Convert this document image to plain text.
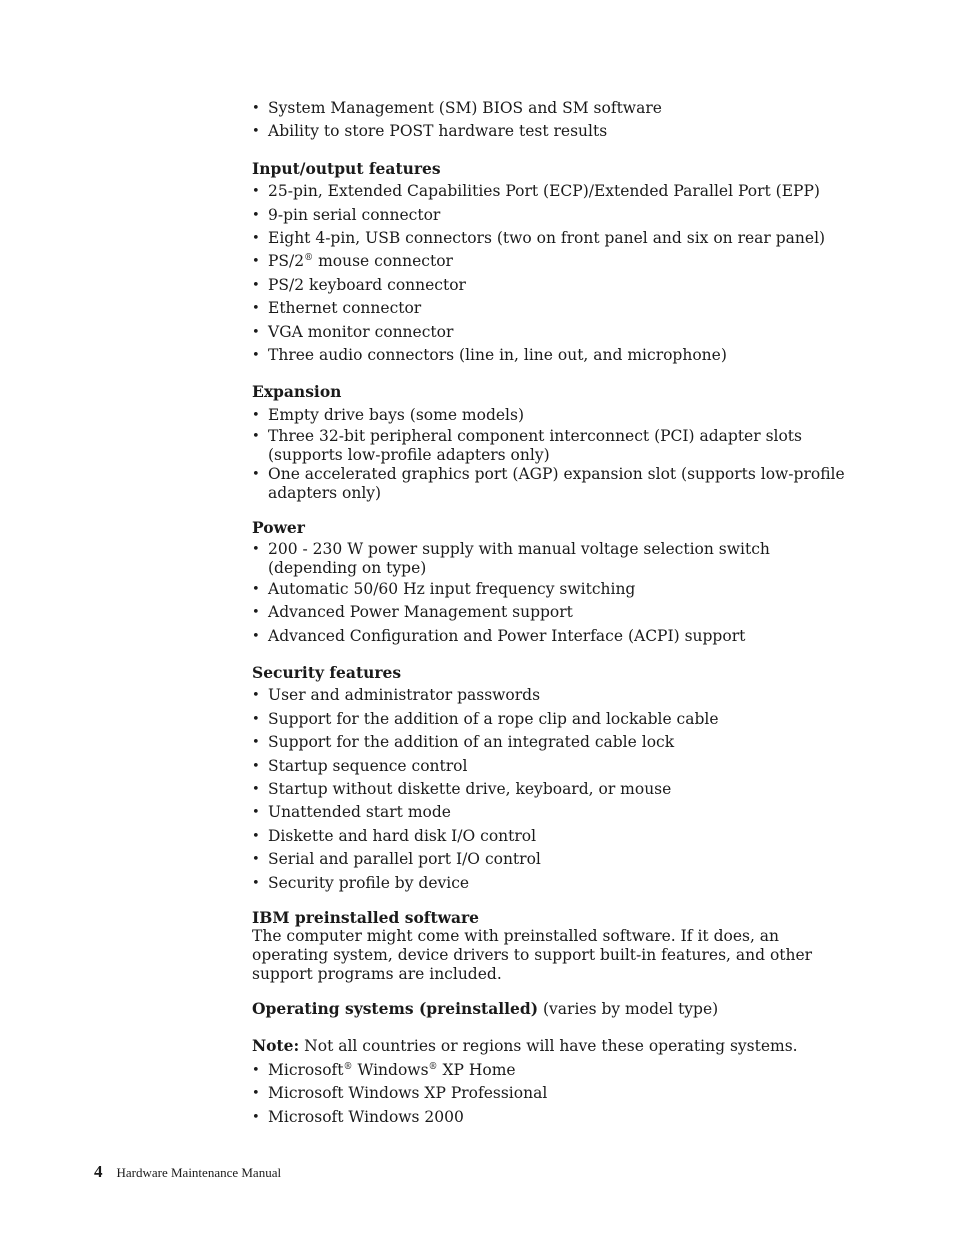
• System Management (SM) BIOS and SM software
• Ability to store POST hardware test results
Input/output features
• 25-pin, Extended Capabilities Port (ECP)/Extended Parallel Port (EPP)
• 9-pin serial connector
• Eight 4-pin, USB connectors (two on front panel and six on rear panel)
• PS/2® mouse connector
• PS/2 keyboard connector
• Ethernet connector
• VGA monitor connector
• Three audio connectors (line in, line out, and microphone)
Expansion
• Empty drive bays (some models)
• Three 32-bit peripheral component interconnect (PCI) adapter slots (supports low-profile adapters only)
• One accelerated graphics port (AGP) expansion slot (supports low-profile adapters only)
Power
• 200 - 230 W power supply with manual voltage selection switch (depending on type)
• Automatic 50/60 Hz input frequency switching
• Advanced Power Management support
• Advanced Configuration and Power Interface (ACPI) support
Security features
• User and administrator passwords
• Support for the addition of a rope clip and lockable cable
• Support for the addition of an integrated cable lock
• Startup sequence control
• Startup without diskette drive, keyboard, or mouse
• Unattended start mode
• Diskette and hard disk I/O control
• Serial and parallel port I/O control
• Security profile by device
IBM preinstalled software
The computer might come with preinstalled software. If it does, an operating system, device drivers to support built-in features, and other support programs are included.
Operating systems (preinstalled) (varies by model type)
Note: Not all countries or regions will have these operating systems.
• Microsoft® Windows® XP Home
• Microsoft Windows XP Professional
• Microsoft Windows 2000
4 Hardware Maintenance Manual
